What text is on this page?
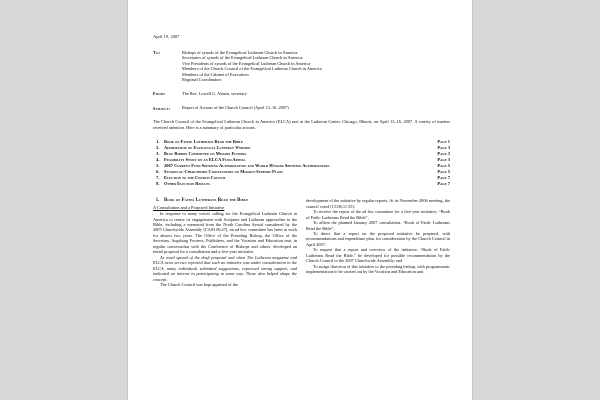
April 19, 2007
To:	Bishops of synods of the Evangelical Lutheran Church in America
Secretaries of synods of the Evangelical Lutheran Church in America
Vice Presidents of synods of the Evangelical Lutheran Church in America
Members of the Church Council of the Evangelical Lutheran Church in America
Members of the Cabinet of Executives
Regional Coordinators
From:	The Rev. Lowell G. Almen, secretary
Subject:	Report of Actions of the Church Council (April 13–16, 2007)
The Church Council of the Evangelical Lutheran Church in America (ELCA) met at the Lutheran Center, Chicago, Illinois, on April 13–16, 2007. A variety of matters received attention. Here is a summary of particular actions.
1.	Book of Faith: Lutherans Read the Bible	Page 1
2.	Affirmation of Evangelical Lutheran Worship	Page 3
3.	Blue Ribbon Committee on Mission Funding	Page 3
4.	Feasibility Study on an ELCA Fund Appeal	Page 3
5.	2007 Current Fund Spending Authorization and World Hunger Spending Authorization	Page 5
6.	Synodical-Churchwide Consultation on Mission-Support Plans	Page 5
7.	Election to the Church Council	Page 7
8.	Other Election Results	Page 7
1. Book of Faith: Lutherans Read the Bible
A Consultation and a Proposed Initiative

In response to many voices calling for the Evangelical Lutheran Church in America to renew its engagement with Scripture and Lutheran approaches to the Bible, including a memorial from the North Carolina Synod considered by the 2005 Churchwide Assembly [CA05.06.27], an ad hoc committee has been at work for almost two years. The Office of the Presiding Bishop, the Office of the Secretary, Augsburg Fortress, Publishers, and the Vocation and Education unit, in regular conversation with the Conference of Bishops and others, developed an initial proposal for a consultation and a five-year initiative.

As word spread of the draft proposal and when The Lutheran magazine and ELCA news service reported that such an initiative was under consideration in the ELCA, many individuals submitted suggestions, expressed strong support, and indicated an interest in participating in some way. Those also helped shape the concept.

The Church Council was kept apprised of the

development of the initiative by regular reports. At its November 2006 meeting, the council voted [CC06.11.55]:

To receive the report of the ad hoc committee for a five-year initiative, “Book of Faith: Lutherans Read the Bible”;

To affirm the planned January 2007 consultation, “Book of Faith: Lutherans Read the Bible”;

To direct that a report on the proposed initiative be prepared, with recommendations and expenditure plan, for consideration by the Church Council in April 2007;

To request that a report and overview of the initiative, “Book of Faith: Lutherans Read the Bible,” be developed for possible recommendation by the Church Council to the 2007 Churchwide Assembly; and

To assign direction of this initiative to the presiding bishop, with programmatic implementation to be carried out by the Vocation and Education unit.
